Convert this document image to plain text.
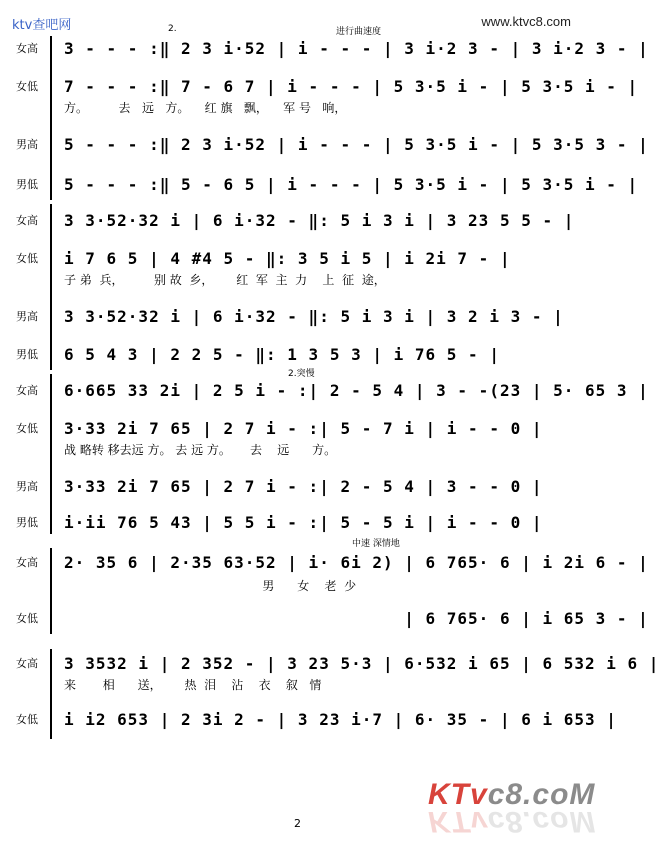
ktv查吧网	www.ktvc8.com
2.	进行曲速度
女高	3 - - - :‖ 2 3 i·52 | i - - - | 3 i·2 3 - | 3 i·2 3 - |
女低	7 - - - :‖ 7 - 6 7 | i - - - | 5 3·5 i - | 5 3·5 i - |
方。        去   远   方。    红 旗   飘，    军 号   响，
男高	5 - - - :‖ 2 3 i·52 | i - - - | 5 3·5 i - | 5 3·5 3 - |
男低	5 - - - :‖ 5 - 6 5 | i - - - | 5 3·5 i - | 5 3·5 i - |
女高	3 3·52·32 i | 6 i·32 - ‖: 5 i 3 i | 3 23 5 5 - |
女低	i 7 6 5 | 4 #4 5 - ‖: 3 5 i 5 | i 2i 7 - |
子 弟  兵，        别 故  乡，      红  军  主  力    上  征  途，
男高	3 3·52·32 i | 6 i·32 - ‖: 5 i 3 i | 3 2 i 3 - |
男低	6 5 4 3 | 2 2 5 - ‖: 1 3 5 3 | i 76 5 - |
2.突慢
女高	6·665 33 2i | 2 5 i - :| 2 - 5 4 | 3 - -(23 | 5· 65 3 |
女低	3·33 2i 7 65 | 2 7 i - :| 5 - 7 i | i - - 0 |
战 略转 移去远 方。 去 远 方。     去    远      方。
男高	3·33 2i 7 65 | 2 7 i - :| 2 - 5 4 | 3 - - 0 |
男低	i·ii 76 5 43 | 5 5 i - :| 5 - 5 i | i - - 0 |
中速 深情地
女高	2· 35 6 | 2·35 63·52 | i· 6i 2) | 6 765· 6 | i 2i 6 - |
男      女    老  少
女低	| 6 765· 6 | i 65 3 - |
女高	3 3532 i | 2 352 - | 3 23 5·3 | 6·532 i 65 | 6 532 i 6 |
来       相      送，      热  泪    沾    衣    叙   情
女低	i i2 653 | 2 3i 2 - | 3 23 i·7 | 6· 35 - | 6 i 653 |
KTvc8.coM
KTvc8.coM
2
